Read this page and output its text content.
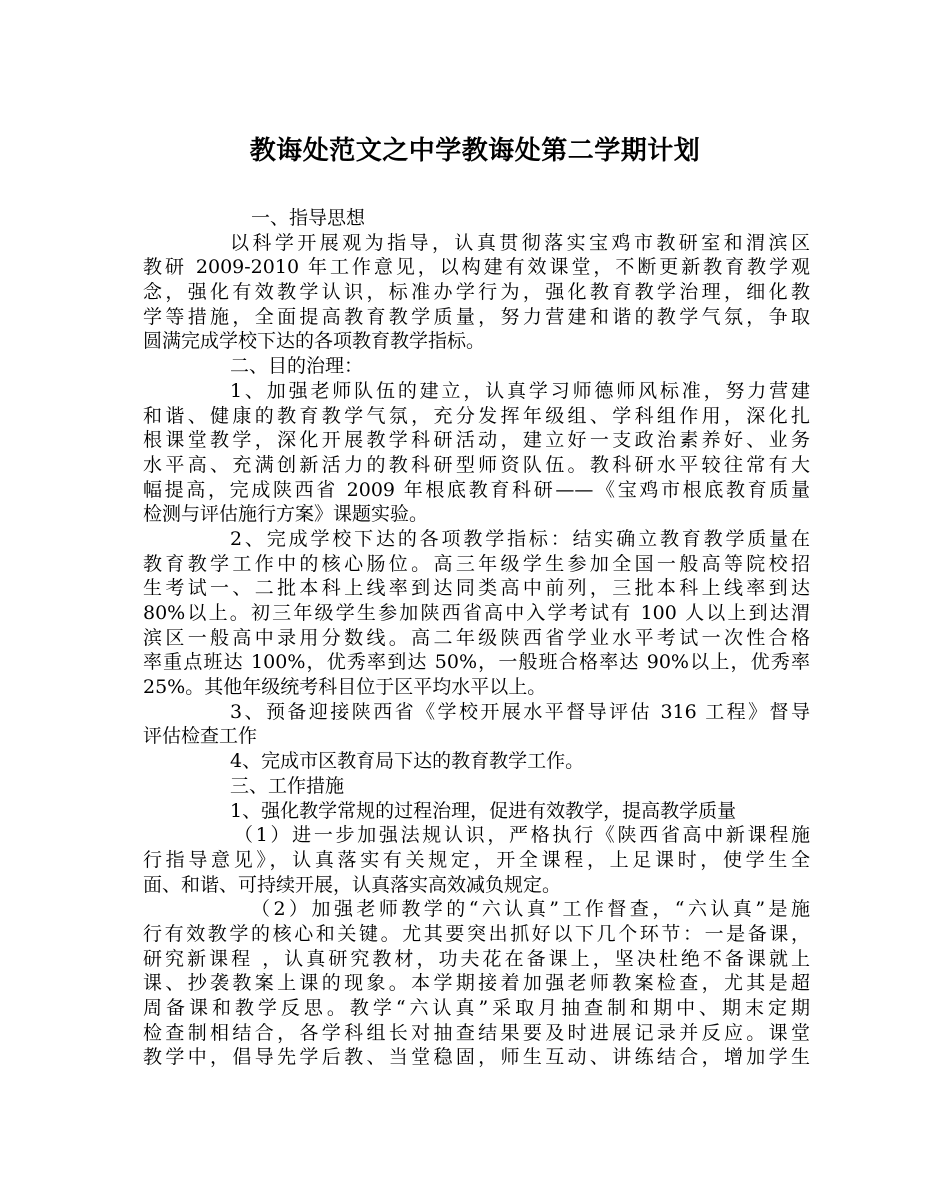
教诲处范文之中学教诲处第二学期计划
一、指导思想
以科学开展观为指导，认真贯彻落实宝鸡市教研室和渭滨区
教研 2009-2010 年工作意见，以构建有效课堂，不断更新教育教学观
念，强化有效教学认识，标准办学行为，强化教育教学治理，细化教
学等措施，全面提高教育教学质量，努力营建和谐的教学气氛，争取
圆满完成学校下达的各项教育教学指标。
二、目的治理：
1、加强老师队伍的建立，认真学习师德师风标准，努力营建
和谐、健康的教育教学气氛，充分发挥年级组、学科组作用，深化扎
根课堂教学，深化开展教学科研活动，建立好一支政治素养好、业务
水平高、充满创新活力的教科研型师资队伍。教科研水平较往常有大
幅提高，完成陕西省 2009 年根底教育科研——《宝鸡市根底教育质量
检测与评估施行方案》课题实验。
2、完成学校下达的各项教学指标：结实确立教育教学质量在
教育教学工作中的核心肠位。高三年级学生参加全国一般高等院校招
生考试一、二批本科上线率到达同类高中前列，三批本科上线率到达
80%以上。初三年级学生参加陕西省高中入学考试有 100 人以上到达渭
滨区一般高中录用分数线。高二年级陕西省学业水平考试一次性合格
率重点班达 100%，优秀率到达 50%，一般班合格率达 90%以上，优秀率
25%。其他年级统考科目位于区平均水平以上。
3、预备迎接陕西省《学校开展水平督导评估 316 工程》督导
评估检查工作
4、完成市区教育局下达的教育教学工作。
三、工作措施
1、强化教学常规的过程治理，促进有效教学，提高教学质量
（1）进一步加强法规认识，严格执行《陕西省高中新课程施
行指导意见》，认真落实有关规定，开全课程，上足课时，使学生全
面、和谐、可持续开展，认真落实高效减负规定。
（2）加强老师教学的“六认真”工作督查，“六认真”是施
行有效教学的核心和关键。尤其要突出抓好以下几个环节：一是备课，
研究新课程 ，认真研究教材，功夫花在备课上，坚决杜绝不备课就上
课、抄袭教案上课的现象。本学期接着加强老师教案检查，尤其是超
周备课和教学反思。教学“六认真”采取月抽查制和期中、期末定期
检查制相结合，各学科组长对抽查结果要及时进展记录并反应。课堂
教学中，倡导先学后教、当堂稳固，师生互动、讲练结合，增加学生
